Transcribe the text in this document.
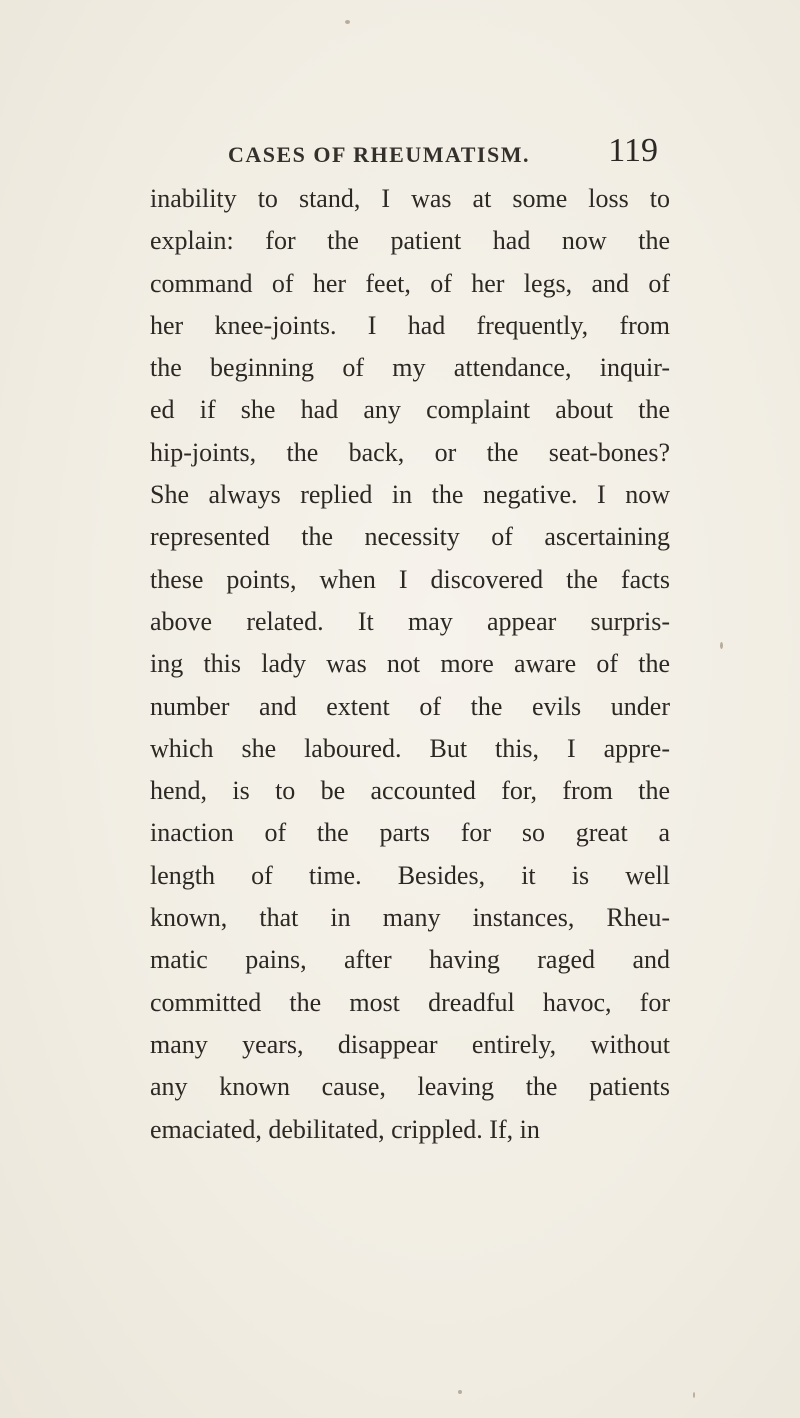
CASES OF RHEUMATISM. 119
inability to stand, I was at some loss to
explain: for the patient had now the
command of her feet, of her legs, and of
her knee-joints. I had frequently, from
the beginning of my attendance, inquir-
ed if she had any complaint about the
hip-joints, the back, or the seat-bones?
She always replied in the negative. I now
represented the necessity of ascertaining
these points, when I discovered the facts
above related. It may appear surpris-
ing this lady was not more aware of the
number and extent of the evils under
which she laboured. But this, I appre-
hend, is to be accounted for, from the
inaction of the parts for so great a
length of time. Besides, it is well
known, that in many instances, Rheu-
matic pains, after having raged and
committed the most dreadful havoc, for
many years, disappear entirely, without
any known cause, leaving the patients
emaciated, debilitated, crippled. If, in
